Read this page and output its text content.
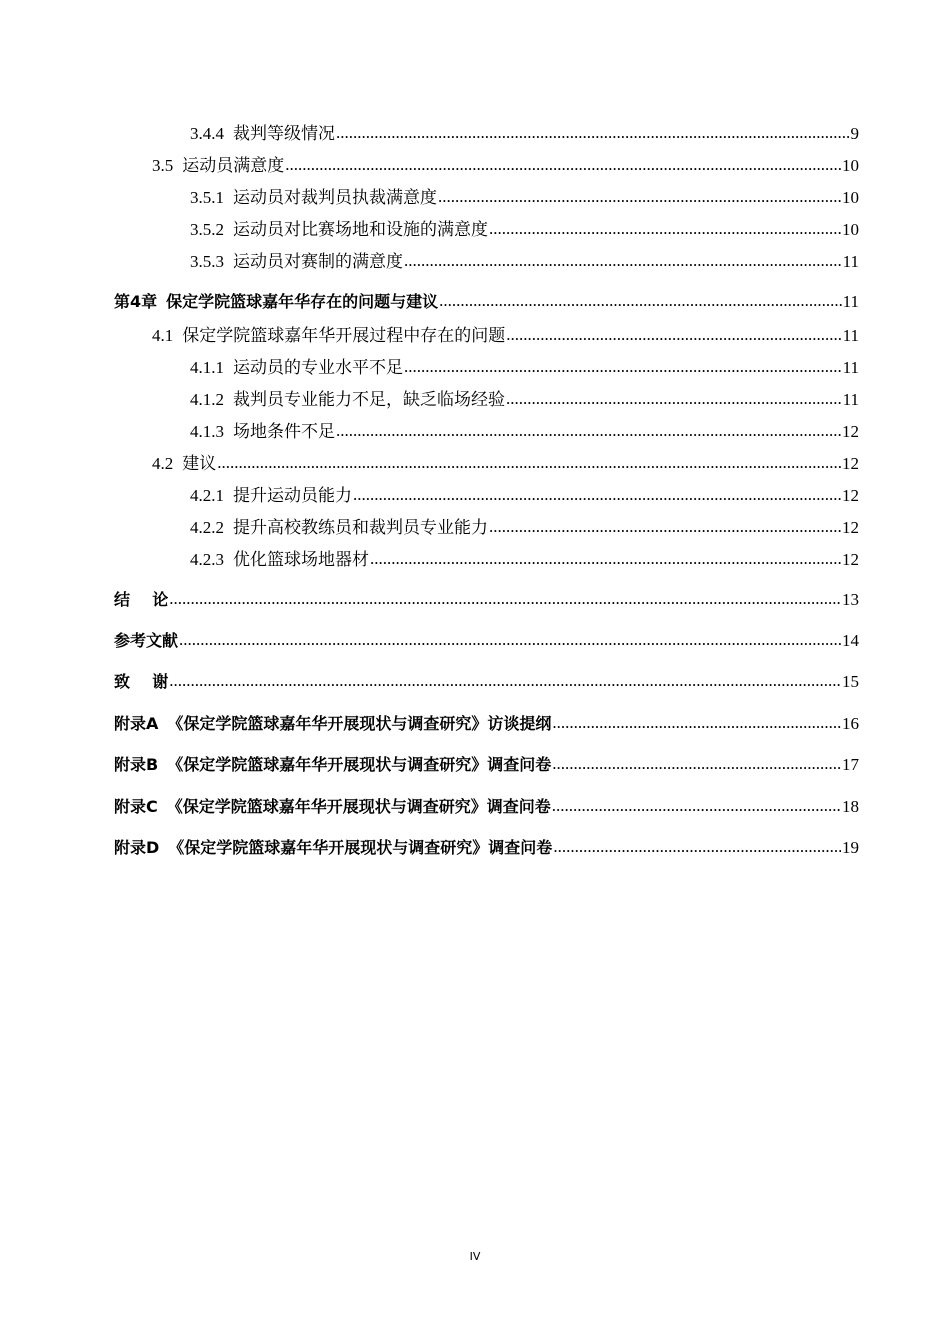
3.4.4 裁判等级情况 .....	9
3.5 运动员满意度 .....	10
3.5.1 运动员对裁判员执裁满意度 .....	10
3.5.2 运动员对比赛场地和设施的满意度 .....	10
3.5.3 运动员对赛制的满意度 .....	11
第4章 保定学院篮球嘉年华存在的问题与建议 .....	11
4.1 保定学院篮球嘉年华开展过程中存在的问题 .....	11
4.1.1 运动员的专业水平不足 .....	11
4.1.2 裁判员专业能力不足，缺乏临场经验 .....	11
4.1.3 场地条件不足 .....	12
4.2 建议 .....	12
4.2.1 提升运动员能力 .....	12
4.2.2 提升高校教练员和裁判员专业能力 .....	12
4.2.3 优化篮球场地器材 .....	12
结    论 .....	13
参考文献 .....	14
致    谢 .....	15
附录A 《保定学院篮球嘉年华开展现状与调查研究》访谈提纲 .....	16
附录B 《保定学院篮球嘉年华开展现状与调查研究》调查问卷 .....	17
附录C 《保定学院篮球嘉年华开展现状与调查研究》调查问卷 .....	18
附录D 《保定学院篮球嘉年华开展现状与调查研究》调查问卷 .....	19
IV
